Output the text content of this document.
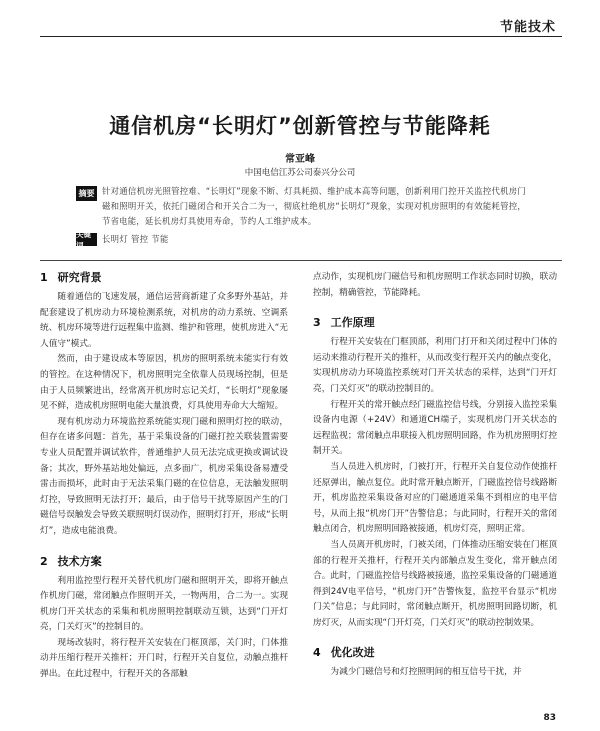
节能技术
通信机房“长明灯”创新管控与节能降耗
常亚峰
中国电信江苏公司泰兴分公司
摘要 针对通信机房光照管控难、“长明灯”现象不断、灯具耗损、维护成本高等问题，创新利用门控开关监控代机房门磁和照明开关，依托门磁闭合和开关合二为一，彻底杜绝机房“长明灯”现象，实现对机房照明的有效能耗管控，节省电能，延长机房灯具使用寿命，节约人工维护成本。
关键词
长明灯 管控 节能
1 研究背景

随着通信的飞速发展，通信运营商新建了众多野外基站，并配套建设了机房动力环境检测系统，对机房的动力系统、空调系统、机房环境等进行远程集中监测、维护和管理，使机房进入“无人值守”模式。

然而，由于建设成本等原因，机房的照明系统未能实行有效的管控。在这种情况下，机房照明完全依靠人员现场控制，但是由于人员频繁进出，经常离开机房时忘记关灯，“长明灯”现象屡见不鲜，造成机房照明电能大量浪费，灯具使用寿命大大缩短。

现有机房动力环境监控系统能实现门磁和照明灯控的联动，但存在诸多问题：首先，基于采集设备的门磁打控关联装置需要专业人员配置并调试软件，普通维护人员无法完成更换或调试设备；其次，野外基站地处偏远，点多面广，机房采集设备易遭受雷击而损坏，此时由于无法采集门磁的在位信息，无法触发照明灯控，导致照明无法打开；最后，由于信号干扰等原因产生的门磁信号误触发会导致关联照明灯误动作，照明灯打开，形成“长明灯”，造成电能浪费。

2 技术方案

利用监控型行程开关替代机房门磁和照明开关，即将开触点作机房门磁，常闭触点作照明开关，一物两用，合二为一。实现机房门开关状态的采集和机房照明控制联动互锁，达到“门开灯亮，门关灯灭”的控制目的。

现场改装时，将行程开关安装在门框顶部，关门时，门体推动并压缩行程开关推杆；开门时，行程开关自复位，动触点推杆弹出。在此过程中，行程开关的各部触

点动作，实现机房门磁信号和机房照明工作状态同时切换，联动控制，精确管控，节能降耗。

3 工作原理

行程开关安装在门框顶部，利用门打开和关闭过程中门体的运动来推动行程开关的推杆，从而改变行程开关内的触点变化，实现机房动力环境监控系统对门开关状态的采样，达到“门开灯亮，门关灯灭”的联动控制目的。

行程开关的常开触点经门磁监控信号线，分别接入监控采集设备内电源（+24V）和通道CH端子，实现机房门开关状态的远程监视；常闭触点串联接入机房照明回路，作为机房照明灯控制开关。

当人员进入机房时，门被打开，行程开关自复位动作使推杆还原弹出，触点复位。此时常开触点断开，门磁监控信号线路断开，机房监控采集设备对应的门磁通道采集不到相应的电平信号，从而上报“机房门开”告警信息；与此同时，行程开关的常闭触点闭合，机房照明回路被接通，机房灯亮，照明正常。

当人员离开机房时，门被关闭，门体推动压缩安装在门框顶部的行程开关推杆，行程开关内部触点发生变化，常开触点闭合。此时，门磁监控信号线路被接通，监控采集设备的门磁通道得到24V电平信号，“机房门开”告警恢复，监控平台显示“机房门关”信息；与此同时，常闭触点断开，机房照明回路切断，机房灯灭，从而实现“门开灯亮，门关灯灭”的联动控制效果。

4 优化改进

为减少门磁信号和灯控照明间的相互信号干扰，并

83
